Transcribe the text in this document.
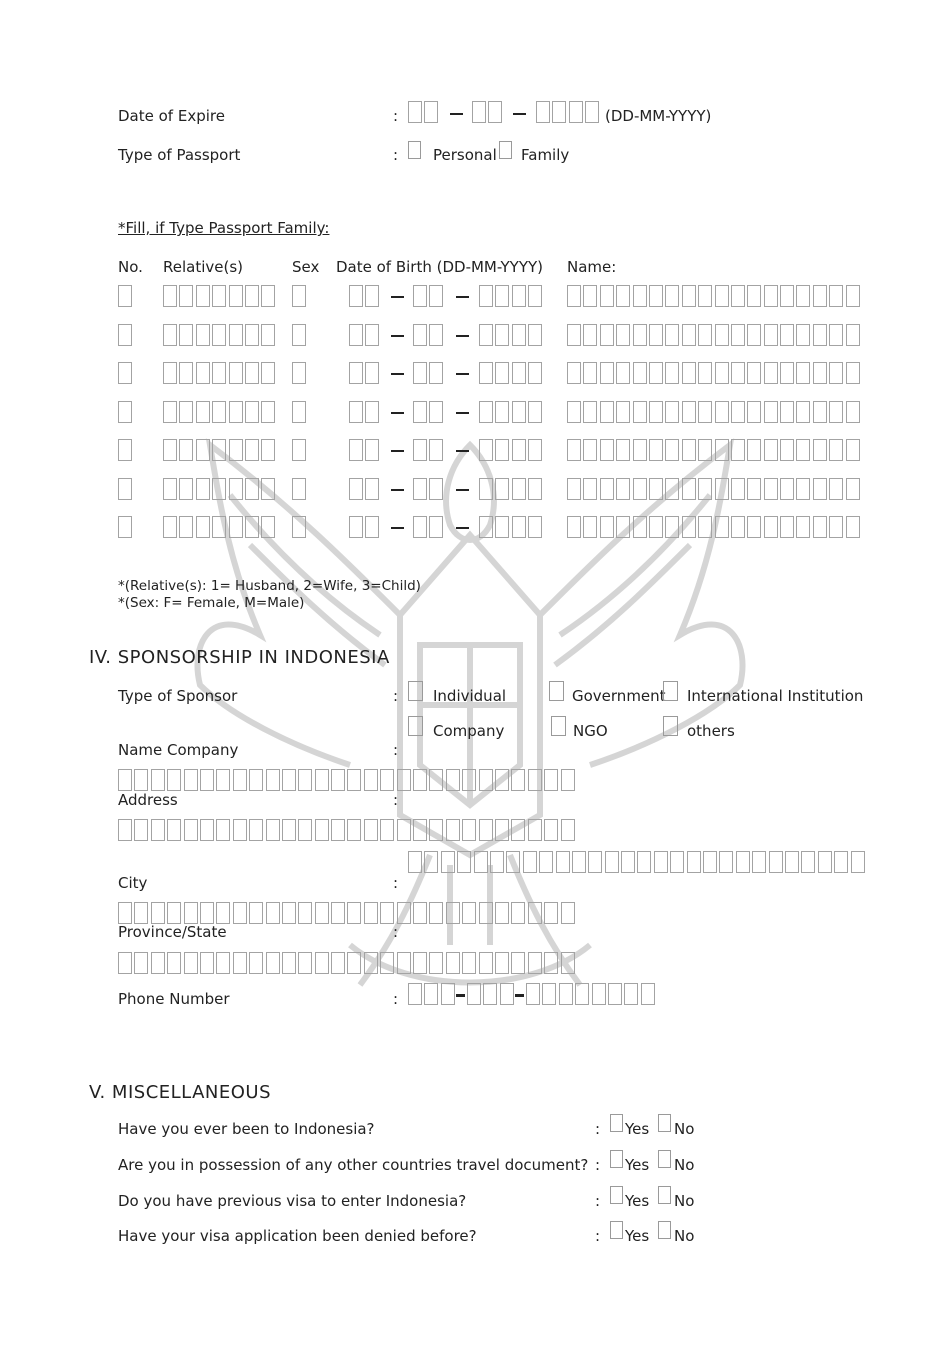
Date of Expire	:	(DD-MM-YYYY)
Type of Passport	: Personal Family
*Fill, if Type Passport Family:
No. Relative(s)	Sex Date of Birth (DD-MM-YYYY) Name:
*(Relative(s): 1= Husband, 2=Wife, 3=Child)
*(Sex: F= Female, M=Male)
IV. SPONSORSHIP IN INDONESIA
Type of Sponsor	: Individual	Government International Institution
Company	NGO	others
Name Company	:
Address	:
City	:
Province/State	:
Phone Number	:
V. MISCELLANEOUS
Have you ever been to Indonesia?	: Yes No
Are you in possession of any other countries travel document? : Yes No
Do you have previous visa to enter Indonesia?	: Yes No
Have your visa application been denied before?	: Yes No
